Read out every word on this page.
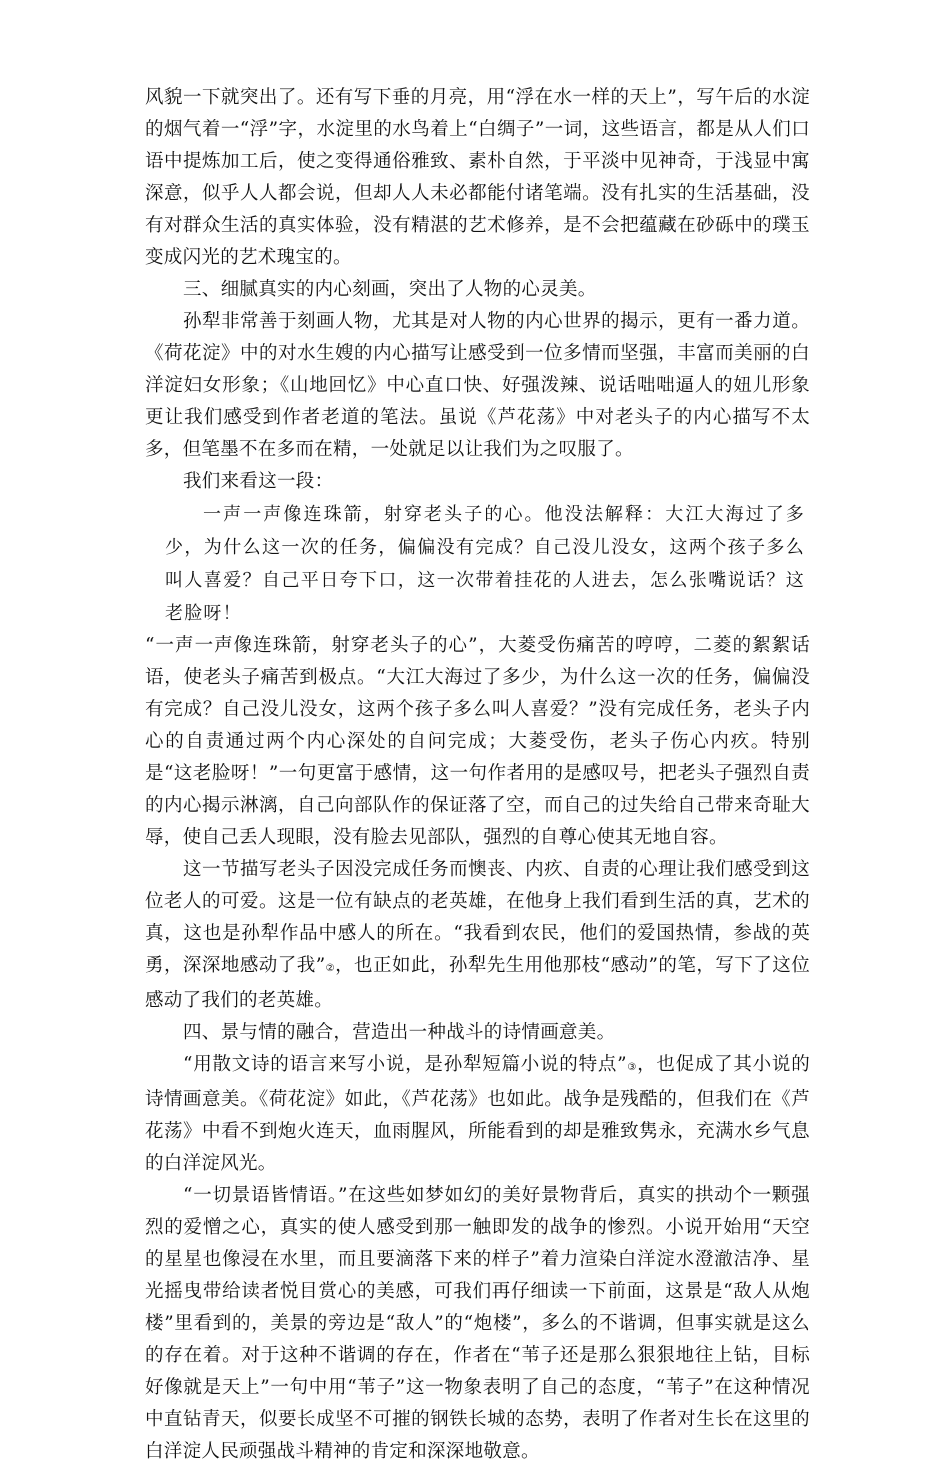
风貌一下就突出了。还有写下垂的月亮，用“浮在水一样的天上”，写午后的水淀的烟气着一“浮”字，水淀里的水鸟着上“白绸子”一词，这些语言，都是从人们口语中提炼加工后，使之变得通俗雅致、素朴自然，于平淡中见神奇，于浅显中寓深意，似乎人人都会说，但却人人未必都能付诸笔端。没有扎实的生活基础，没有对群众生活的真实体验，没有精湛的艺术修养，是不会把蕴藏在砂砾中的璞玉变成闪光的艺术瑰宝的。

三、细腻真实的内心刻画，突出了人物的心灵美。

孙犁非常善于刻画人物，尤其是对人物的内心世界的揭示，更有一番力道。《荷花淀》中的对水生嫂的内心描写让感受到一位多情而坚强，丰富而美丽的白洋淀妇女形象；《山地回忆》中心直口快、好强泼辣、说话咄咄逼人的妞儿形象更让我们感受到作者老道的笔法。虽说《芦花荡》中对老头子的内心描写不太多，但笔墨不在多而在精，一处就足以让我们为之叹服了。

我们来看这一段：

一声一声像连珠箭，射穿老头子的心。他没法解释：大江大海过了多少，为什么这一次的任务，偏偏没有完成？自己没儿没女，这两个孩子多么叫人喜爱？自己平日夸下口，这一次带着挂花的人进去，怎么张嘴说话？这老脸呀！

“一声一声像连珠箭，射穿老头子的心”，大菱受伤痛苦的哼哼，二菱的絮絮话语，使老头子痛苦到极点。“大江大海过了多少，为什么这一次的任务，偏偏没有完成？自己没儿没女，这两个孩子多么叫人喜爱？”没有完成任务，老头子内心的自责通过两个内心深处的自问完成；大菱受伤，老头子伤心内疚。特别是“这老脸呀！”一句更富于感情，这一句作者用的是感叹号，把老头子强烈自责的内心揭示淋漓，自己向部队作的保证落了空，而自己的过失给自己带来奇耻大辱，使自己丢人现眼，没有脸去见部队，强烈的自尊心使其无地自容。

这一节描写老头子因没完成任务而懊丧、内疚、自责的心理让我们感受到这位老人的可爱。这是一位有缺点的老英雄，在他身上我们看到生活的真，艺术的真，这也是孙犁作品中感人的所在。“我看到农民，他们的爱国热情，参战的英勇，深深地感动了我”②，也正如此，孙犁先生用他那枝“感动”的笔，写下了这位感动了我们的老英雄。

四、景与情的融合，营造出一种战斗的诗情画意美。

“用散文诗的语言来写小说，是孙犁短篇小说的特点”③，也促成了其小说的诗情画意美。《荷花淀》如此，《芦花荡》也如此。战争是残酷的，但我们在《芦花荡》中看不到炮火连天，血雨腥风，所能看到的却是雅致隽永，充满水乡气息的白洋淀风光。

“一切景语皆情语。”在这些如梦如幻的美好景物背后，真实的拱动个一颗强烈的爱憎之心，真实的使人感受到那一触即发的战争的惨烈。小说开始用“天空的星星也像浸在水里，而且要滴落下来的样子”着力渲染白洋淀水澄澈洁净、星光摇曳带给读者悦目赏心的美感，可我们再仔细读一下前面，这景是“敌人从炮楼”里看到的，美景的旁边是“敌人”的“炮楼”，多么的不谐调，但事实就是这么的存在着。对于这种不谐调的存在，作者在“苇子还是那么狠狠地往上钻，目标好像就是天上”一句中用“苇子”这一物象表明了自己的态度，“苇子”在这种情况中直钻青天，似要长成坚不可摧的钢铁长城的态势，表明了作者对生长在这里的白洋淀人民顽强战斗精神的肯定和深深地敬意。
